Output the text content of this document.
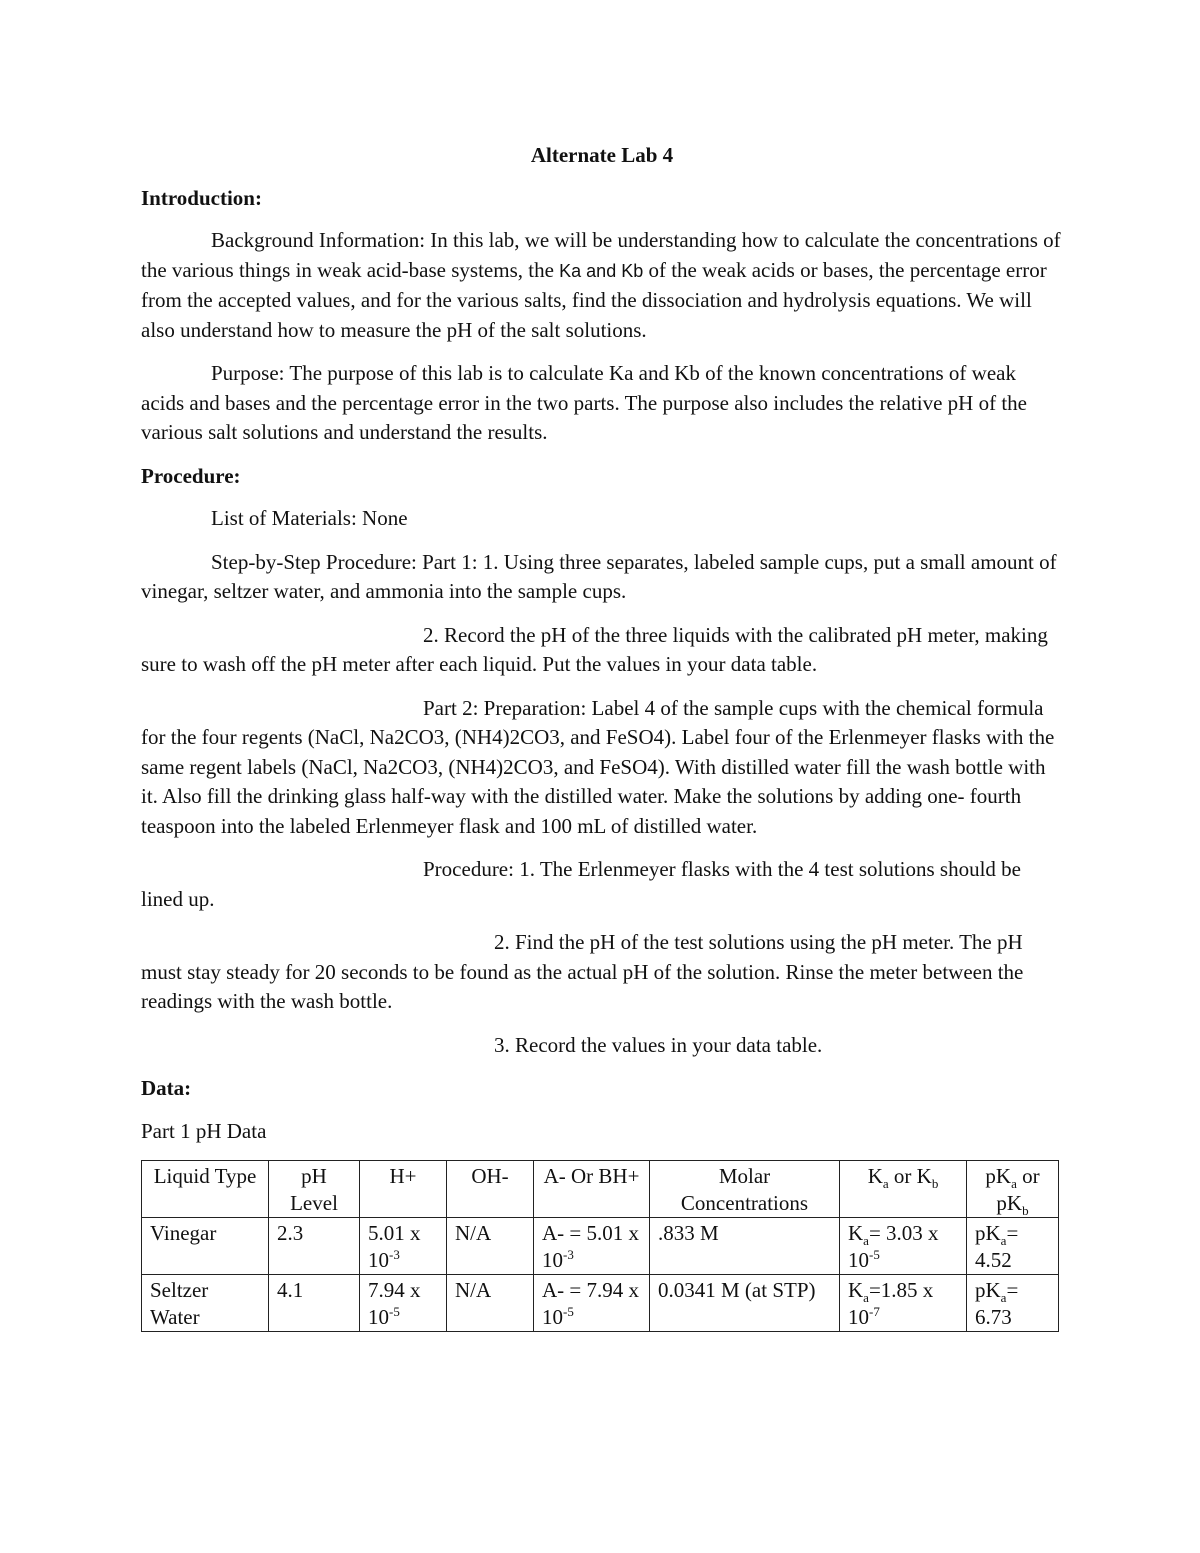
Alternate Lab 4
Introduction:

Background Information: In this lab, we will be understanding how to calculate the concentrations of the various things in weak acid-base systems, the Ka and Kb of the weak acids or bases, the percentage error from the accepted values, and for the various salts, find the dissociation and hydrolysis equations. We will also understand how to measure the pH of the salt solutions.

Purpose: The purpose of this lab is to calculate Ka and Kb of the known concentrations of weak acids and bases and the percentage error in the two parts. The purpose also includes the relative pH of the various salt solutions and understand the results.

Procedure:

List of Materials: None

Step-by-Step Procedure: Part 1: 1. Using three separates, labeled sample cups, put a small amount of vinegar, seltzer water, and ammonia into the sample cups.

2. Record the pH of the three liquids with the calibrated pH meter, making sure to wash off the pH meter after each liquid. Put the values in your data table.

Part 2: Preparation: Label 4 of the sample cups with the chemical formula for the four regents (NaCl, Na2CO3, (NH4)2CO3, and FeSO4). Label four of the Erlenmeyer flasks with the same regent labels (NaCl, Na2CO3, (NH4)2CO3, and FeSO4). With distilled water fill the wash bottle with it. Also fill the drinking glass half-way with the distilled water. Make the solutions by adding one- fourth teaspoon into the labeled Erlenmeyer flask and 100 mL of distilled water.

Procedure: 1. The Erlenmeyer flasks with the 4 test solutions should be lined up.

2. Find the pH of the test solutions using the pH meter. The pH must stay steady for 20 seconds to be found as the actual pH of the solution. Rinse the meter between the readings with the wash bottle.

3. Record the values in your data table.

Data:

Part 1 pH Data

Liquid Type	pH Level	H+	OH-	A- Or BH+	Molar Concentrations	$K_a$ or $K_b$	$pK_a$ or $pK_b$
Vinegar	2.3	5.01 x $10^{-3}$	N/A	A- = 5.01 x $10^{-3}$	.833 M	$K_a= 3.03$ x $10^{-5}$	$pK_a= 4.52$
Seltzer Water	4.1	7.94 x $10^{-5}$	N/A	A- = 7.94 x $10^{-5}$	0.0341 M (at STP)	$K_a=1.85$ x $10^{-7}$	$pK_a= 6.73$
